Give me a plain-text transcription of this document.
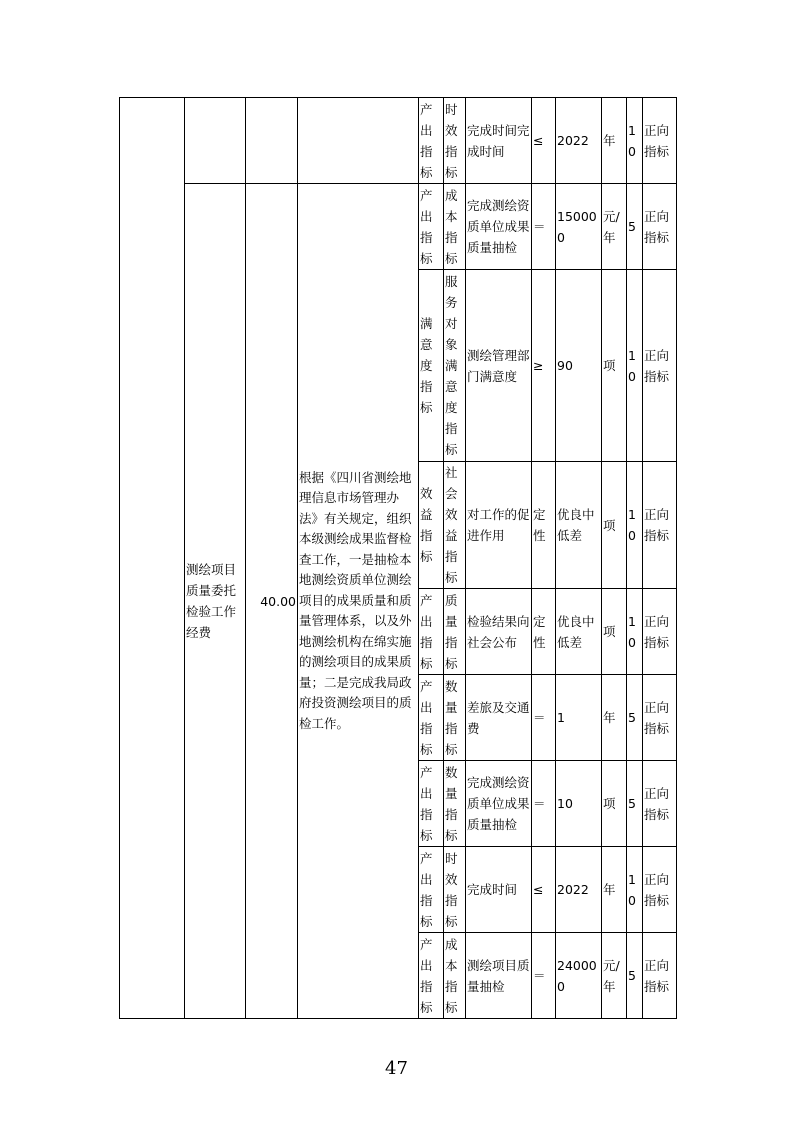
				产出指标	时效指标	完成时间完成时间	≤	2022	年	10	正向指标
	测绘项目质量委托检验工作经费	40.00	根据《四川省测绘地理信息市场管理办法》有关规定，组织本级测绘成果监督检查工作，一是抽检本地测绘资质单位测绘项目的成果质量和质量管理体系，以及外地测绘机构在绵实施的测绘项目的成果质量；二是完成我局政府投资测绘项目的质检工作。	产出指标	成本指标	完成测绘资质单位成果质量抽检	＝	150000	元/年	5	正向指标
				满意度指标	服务对象满意度指标	测绘管理部门满意度	≥	90	项	10	正向指标
				效益指标	社会效益指标	对工作的促进作用	定性	优良中低差	项	10	正向指标
				产出指标	质量指标	检验结果向社会公布	定性	优良中低差	项	10	正向指标
				产出指标	数量指标	差旅及交通费	＝	1	年	5	正向指标
				产出指标	数量指标	完成测绘资质单位成果质量抽检	＝	10	项	5	正向指标
				产出指标	时效指标	完成时间	≤	2022	年	10	正向指标
				产出指标	成本指标	测绘项目质量抽检	＝	240000	元/年	5	正向指标
47
